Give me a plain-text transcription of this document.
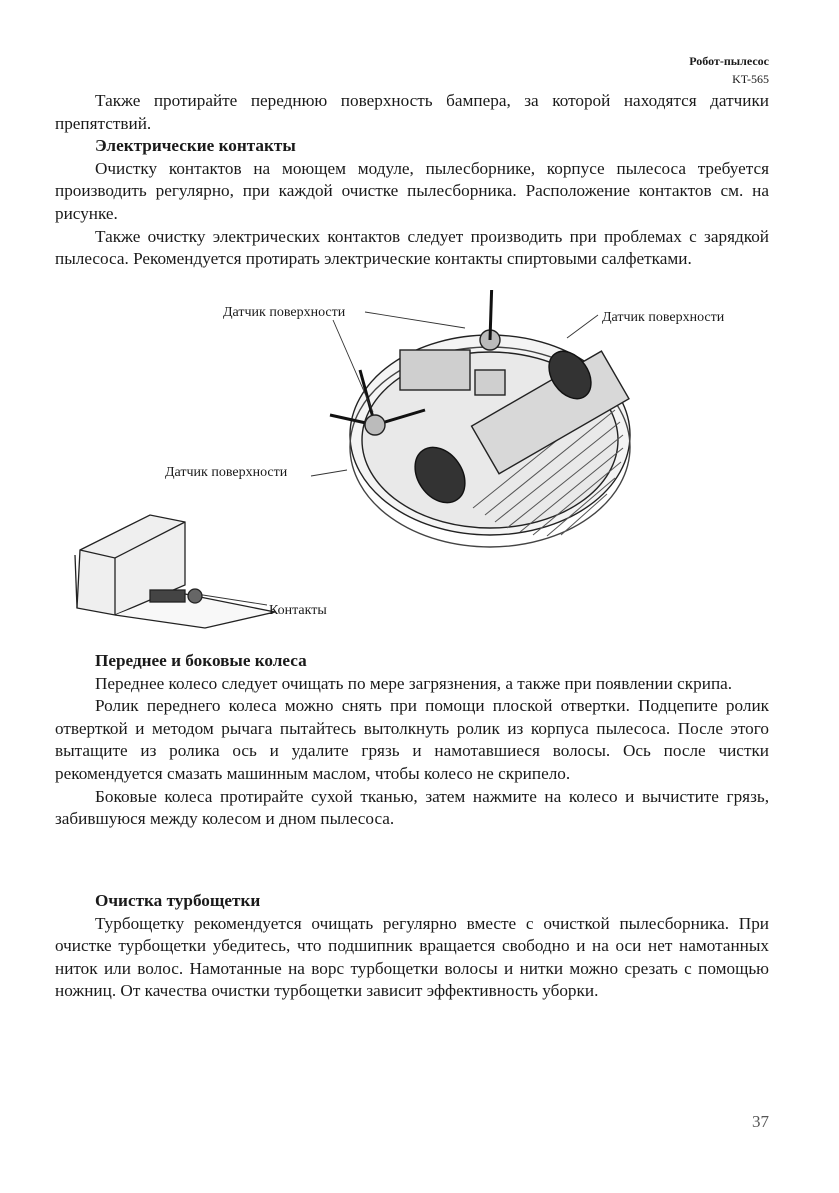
Робот-пылесос
KT-565

Также протирайте переднюю поверхность бампера, за которой находятся датчики препятствий.

Электрические контакты

Очистку контактов на моющем модуле, пылесборнике, корпусе пылесоса требуется производить регулярно, при каждой очистке пылесборника. Расположение контактов см. на рисунке.

Также очистку электрических контактов следует производить при проблемах с зарядкой пылесоса. Рекомендуется протирать электрические контакты спиртовыми салфетками.

Датчик поверхности	Датчик поверхности
Датчик поверхности
Контакты
Переднее и боковые колеса

Переднее колесо следует очищать по мере загрязнения, а также при появлении скрипа.

Ролик переднего колеса можно снять при помощи плоской отвертки. Подцепите ролик отверткой и методом рычага пытайтесь вытолкнуть ролик из корпуса пылесоса. После этого вытащите из ролика ось и удалите грязь и намотавшиеся волосы. Ось после чистки рекомендуется смазать машинным маслом, чтобы колесо не скрипело.

Боковые колеса протирайте сухой тканью, затем нажмите на колесо и вычистите грязь, забившуюся между колесом и дном пылесоса.

Очистка турбощетки

Турбощетку рекомендуется очищать регулярно вместе с очисткой пылесборника. При очистке турбощетки убедитесь, что подшипник вращается свободно и на оси нет намотанных ниток или волос. Намотанные на ворс турбощетки волосы и нитки можно срезать с помощью ножниц. От качества очистки турбощетки зависит эффективность уборки.

37
